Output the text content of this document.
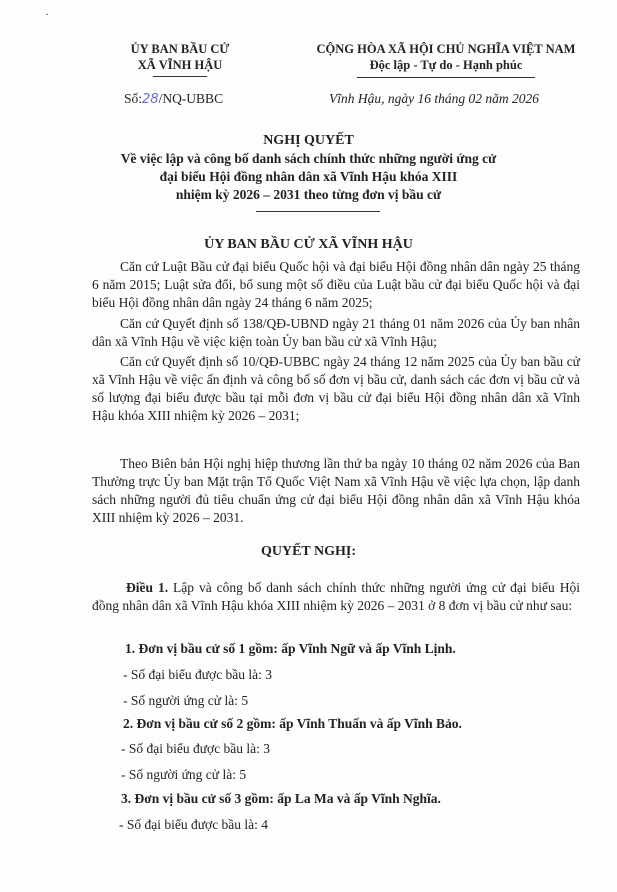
˙
ỦY BAN BẦU CỬ
XÃ VĨNH HẬU
CỘNG HÒA XÃ HỘI CHỦ NGHĨA VIỆT NAM
Độc lập - Tự do - Hạnh phúc
Số:28/NQ-UBBC	Vĩnh Hậu, ngày 16 tháng 02 năm 2026
NGHỊ QUYẾT
Về việc lập và công bố danh sách chính thức những người ứng cử
đại biểu Hội đồng nhân dân xã Vĩnh Hậu khóa XIII
nhiệm kỳ 2026 – 2031 theo từng đơn vị bầu cử
ỦY BAN BẦU CỬ XÃ VĨNH HẬU
Căn cứ Luật Bầu cử đại biểu Quốc hội và đại biểu Hội đồng nhân dân ngày 25 tháng 6 năm 2015; Luật sửa đổi, bổ sung một số điều của Luật bầu cử đại biểu Quốc hội và đại biểu Hội đồng nhân dân ngày 24 tháng 6 năm 2025;
Căn cứ Quyết định số 138/QĐ-UBND ngày 21 tháng 01 năm 2026 của Ủy ban nhân dân xã Vĩnh Hậu về việc kiện toàn Ủy ban bầu cử xã Vĩnh Hậu;
Căn cứ Quyết định số 10/QĐ-UBBC ngày 24 tháng 12 năm 2025 của Ủy ban bầu cử xã Vĩnh Hậu về việc ấn định và công bố số đơn vị bầu cử, danh sách các đơn vị bầu cử và số lượng đại biểu được bầu tại mỗi đơn vị bầu cử đại biểu Hội đồng nhân dân xã Vĩnh Hậu khóa XIII nhiệm kỳ 2026 – 2031;
Theo Biên bản Hội nghị hiệp thương lần thứ ba ngày 10 tháng 02 năm 2026 của Ban Thường trực Ủy ban Mặt trận Tổ Quốc Việt Nam xã Vĩnh Hậu về việc lựa chọn, lập danh sách những người đủ tiêu chuẩn ứng cử đại biểu Hội đồng nhân dân xã Vĩnh Hậu khóa XIII nhiệm kỳ 2026 – 2031.
QUYẾT NGHỊ:
Điều 1. Lập và công bố danh sách chính thức những người ứng cử đại biểu Hội đồng nhân dân xã Vĩnh Hậu khóa XIII nhiệm kỳ 2026 – 2031 ở 8 đơn vị bầu cử như sau:
1. Đơn vị bầu cử số 1 gồm: ấp Vĩnh Ngữ và ấp Vĩnh Lịnh.
- Số đại biểu được bầu là: 3
- Số người ứng cử là: 5
2. Đơn vị bầu cử số 2 gồm: ấp Vĩnh Thuấn và ấp Vĩnh Bảo.
- Số đại biểu được bầu là: 3
- Số người ứng cử là: 5
3. Đơn vị bầu cử số 3 gồm: ấp La Ma và ấp Vĩnh Nghĩa.
- Số đại biểu được bầu là: 4
